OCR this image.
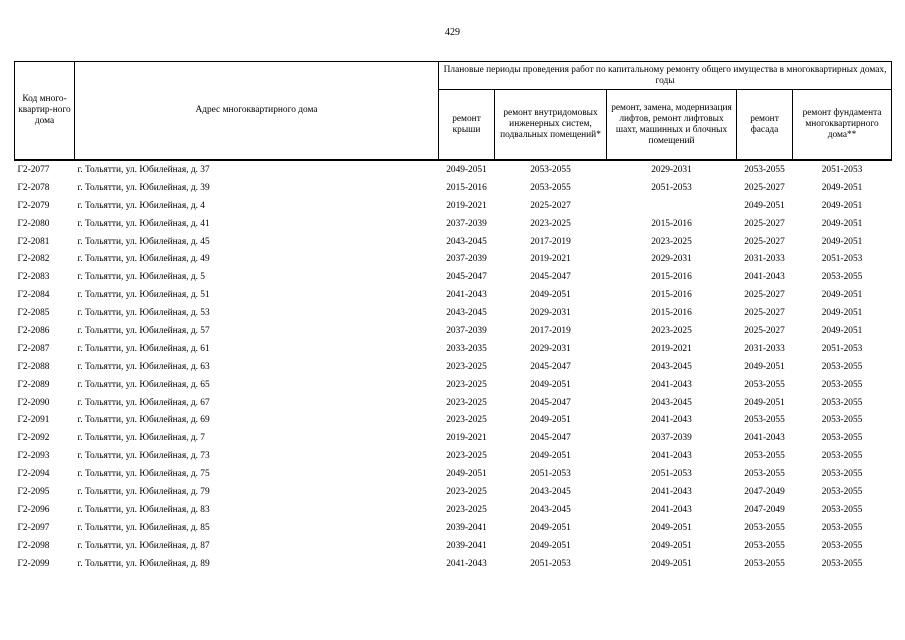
429
Код много-квартир-ного дома	Адрес многоквартирного дома	Плановые периоды проведения работ по капитальному ремонту общего имущества в многоквартирных домах, годы				
		ремонт крыши	ремонт внутридомовых инженерных систем, подвальных помещений*	ремонт, замена, модернизация лифтов, ремонт лифтовых шахт, машинных и блочных помещений	ремонт фасада	ремонт фундамента многоквартирного дома**
Г2-2077	г. Тольятти, ул. Юбилейная, д. 37	2049-2051	2053-2055	2029-2031	2053-2055	2051-2053
Г2-2078	г. Тольятти, ул. Юбилейная, д. 39	2015-2016	2053-2055	2051-2053	2025-2027	2049-2051
Г2-2079	г. Тольятти, ул. Юбилейная, д. 4	2019-2021	2025-2027		2049-2051	2049-2051
Г2-2080	г. Тольятти, ул. Юбилейная, д. 41	2037-2039	2023-2025	2015-2016	2025-2027	2049-2051
Г2-2081	г. Тольятти, ул. Юбилейная, д. 45	2043-2045	2017-2019	2023-2025	2025-2027	2049-2051
Г2-2082	г. Тольятти, ул. Юбилейная, д. 49	2037-2039	2019-2021	2029-2031	2031-2033	2051-2053
Г2-2083	г. Тольятти, ул. Юбилейная, д. 5	2045-2047	2045-2047	2015-2016	2041-2043	2053-2055
Г2-2084	г. Тольятти, ул. Юбилейная, д. 51	2041-2043	2049-2051	2015-2016	2025-2027	2049-2051
Г2-2085	г. Тольятти, ул. Юбилейная, д. 53	2043-2045	2029-2031	2015-2016	2025-2027	2049-2051
Г2-2086	г. Тольятти, ул. Юбилейная, д. 57	2037-2039	2017-2019	2023-2025	2025-2027	2049-2051
Г2-2087	г. Тольятти, ул. Юбилейная, д. 61	2033-2035	2029-2031	2019-2021	2031-2033	2051-2053
Г2-2088	г. Тольятти, ул. Юбилейная, д. 63	2023-2025	2045-2047	2043-2045	2049-2051	2053-2055
Г2-2089	г. Тольятти, ул. Юбилейная, д. 65	2023-2025	2049-2051	2041-2043	2053-2055	2053-2055
Г2-2090	г. Тольятти, ул. Юбилейная, д. 67	2023-2025	2045-2047	2043-2045	2049-2051	2053-2055
Г2-2091	г. Тольятти, ул. Юбилейная, д. 69	2023-2025	2049-2051	2041-2043	2053-2055	2053-2055
Г2-2092	г. Тольятти, ул. Юбилейная, д. 7	2019-2021	2045-2047	2037-2039	2041-2043	2053-2055
Г2-2093	г. Тольятти, ул. Юбилейная, д. 73	2023-2025	2049-2051	2041-2043	2053-2055	2053-2055
Г2-2094	г. Тольятти, ул. Юбилейная, д. 75	2049-2051	2051-2053	2051-2053	2053-2055	2053-2055
Г2-2095	г. Тольятти, ул. Юбилейная, д. 79	2023-2025	2043-2045	2041-2043	2047-2049	2053-2055
Г2-2096	г. Тольятти, ул. Юбилейная, д. 83	2023-2025	2043-2045	2041-2043	2047-2049	2053-2055
Г2-2097	г. Тольятти, ул. Юбилейная, д. 85	2039-2041	2049-2051	2049-2051	2053-2055	2053-2055
Г2-2098	г. Тольятти, ул. Юбилейная, д. 87	2039-2041	2049-2051	2049-2051	2053-2055	2053-2055
Г2-2099	г. Тольятти, ул. Юбилейная, д. 89	2041-2043	2051-2053	2049-2051	2053-2055	2053-2055
